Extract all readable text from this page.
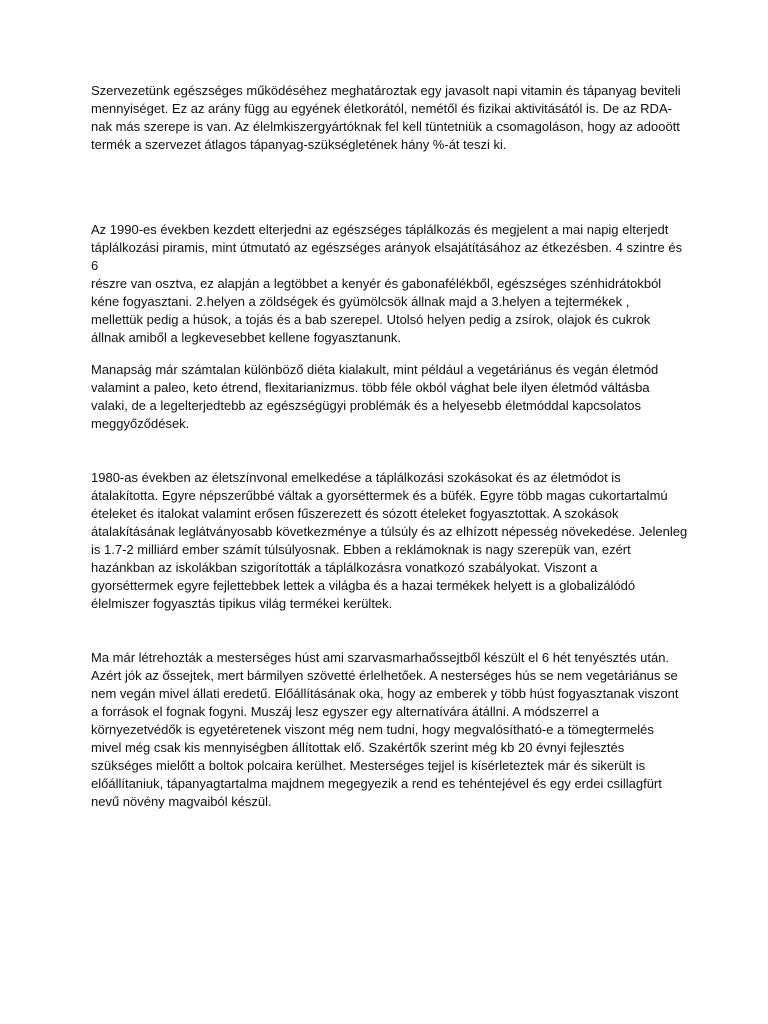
Szervezetünk egészséges működéséhez meghatároztak egy javasolt napi vitamin és tápanyag beviteli
mennyiséget. Ez az arány függ au egyének életkorától, nemétől és fizikai aktivitásától is. De az RDA-
nak más szerepe is van. Az élelmkiszergyártóknak fel kell tüntetniük a csomagoláson, hogy az adooött
termék a szervezet átlagos tápanyag-szükségletének hány %-át teszi ki.

Az 1990-es években kezdett elterjedni az egészséges táplálkozás és megjelent a mai napig elterjedt
táplálkozási piramis, mint útmutató az egészséges arányok elsajátításához az étkezésben. 4 szintre és 6
részre van osztva, ez alapján a legtöbbet a kenyér és gabonafélékből, egészséges szénhidrátokból
kéne fogyasztani. 2.helyen a zöldségek és gyümölcsök állnak majd a 3.helyen a tejtermékek ,
mellettük pedig a húsok, a tojás és a bab szerepel. Utolsó helyen pedig a zsírok, olajok és cukrok
állnak amiből a legkevesebbet kellene fogyasztanunk.

Manapság már számtalan különböző diéta kialakult, mint például a vegetáriánus és vegán életmód
valamint a paleo, keto étrend, flexitarianizmus. több féle okból vághat bele ilyen életmód váltásba
valaki, de a legelterjedtebb az egészségügyi problémák és a helyesebb életmóddal kapcsolatos
meggyőződések.

1980-as években az életszínvonal emelkedése a táplálkozási szokásokat és az életmódot is
átalakította. Egyre népszerűbbé váltak a gyorséttermek és a büfék. Egyre több magas cukortartalmú
ételeket és italokat valamint erősen fűszerezett és sózott ételeket fogyasztottak. A szokások
átalakításának leglátványosabb következménye a túlsúly és az elhízott népesség növekedése. Jelenleg
is 1.7-2 milliárd ember számít túlsúlyosnak. Ebben a reklámoknak is nagy szerepük van, ezért
hazánkban az iskolákban szigorították a táplálkozásra vonatkozó szabályokat. Viszont a
gyorséttermek egyre fejlettebbek lettek a világba és a hazai termékek helyett is a globalizálódó
élelmiszer fogyasztás tipikus világ termékei kerültek.

Ma már létrehozták a mesterséges húst ami szarvasmarhaőssejtből készült el 6 hét tenyésztés után.
Azért jók az őssejtek, mert bármilyen szövetté érlelhetőek. A nesterséges hús se nem vegetáriánus se
nem vegán mivel állati eredetű. Előállításának oka, hogy az emberek y több húst fogyasztanak viszont
a források el fognak fogyni. Muszáj lesz egyszer egy alternatívára átállni. A módszerrel a
környezetvédők is egyetéretenek viszont még nem tudni, hogy megvalósítható-e a tömegtermelés
mivel még csak kis mennyiségben állítottak elő. Szakértők szerint még kb 20 évnyi fejlesztés
szükséges mielőtt a boltok polcaira kerülhet. Mesterséges tejjel is kísérleteztek már és sikerült is
előállítaniuk, tápanyagtartalma majdnem megegyezik a rend es tehéntejével és egy erdei csillagfürt
nevű növény magvaiból készül.
